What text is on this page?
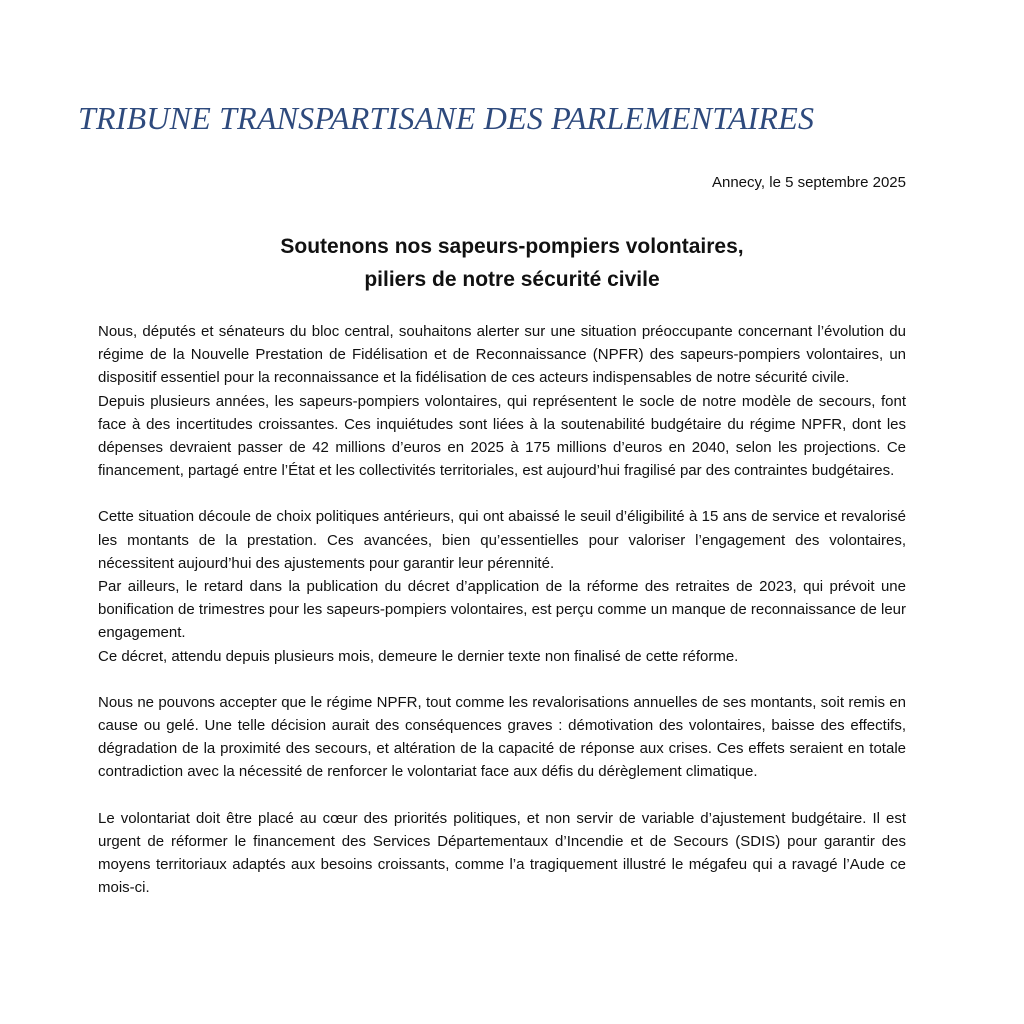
TRIBUNE TRANSPARTISANE DES PARLEMENTAIRES
Annecy, le 5 septembre 2025
Soutenons nos sapeurs-pompiers volontaires,
piliers de notre sécurité civile

Nous, députés et sénateurs du bloc central, souhaitons alerter sur une situation préoccupante concernant l’évolution du régime de la Nouvelle Prestation de Fidélisation et de Reconnaissance (NPFR) des sapeurs-pompiers volontaires, un dispositif essentiel pour la reconnaissance et la fidélisation de ces acteurs indispensables de notre sécurité civile.

Depuis plusieurs années, les sapeurs-pompiers volontaires, qui représentent le socle de notre modèle de secours, font face à des incertitudes croissantes. Ces inquiétudes sont liées à la soutenabilité budgétaire du régime NPFR, dont les dépenses devraient passer de 42 millions d’euros en 2025 à 175 millions d’euros en 2040, selon les projections. Ce financement, partagé entre l’État et les collectivités territoriales, est aujourd’hui fragilisé par des contraintes budgétaires.

Cette situation découle de choix politiques antérieurs, qui ont abaissé le seuil d’éligibilité à 15 ans de service et revalorisé les montants de la prestation. Ces avancées, bien qu’essentielles pour valoriser l’engagement des volontaires, nécessitent aujourd’hui des ajustements pour garantir leur pérennité.

Par ailleurs, le retard dans la publication du décret d’application de la réforme des retraites de 2023, qui prévoit une bonification de trimestres pour les sapeurs-pompiers volontaires, est perçu comme un manque de reconnaissance de leur engagement.

Ce décret, attendu depuis plusieurs mois, demeure le dernier texte non finalisé de cette réforme.

Nous ne pouvons accepter que le régime NPFR, tout comme les revalorisations annuelles de ses montants, soit remis en cause ou gelé. Une telle décision aurait des conséquences graves : démotivation des volontaires, baisse des effectifs, dégradation de la proximité des secours, et altération de la capacité de réponse aux crises. Ces effets seraient en totale contradiction avec la nécessité de renforcer le volontariat face aux défis du dérèglement climatique.

Le volontariat doit être placé au cœur des priorités politiques, et non servir de variable d’ajustement budgétaire. Il est urgent de réformer le financement des Services Départementaux d’Incendie et de Secours (SDIS) pour garantir des moyens territoriaux adaptés aux besoins croissants, comme l’a tragiquement illustré le mégafeu qui a ravagé l’Aude ce mois-ci.
